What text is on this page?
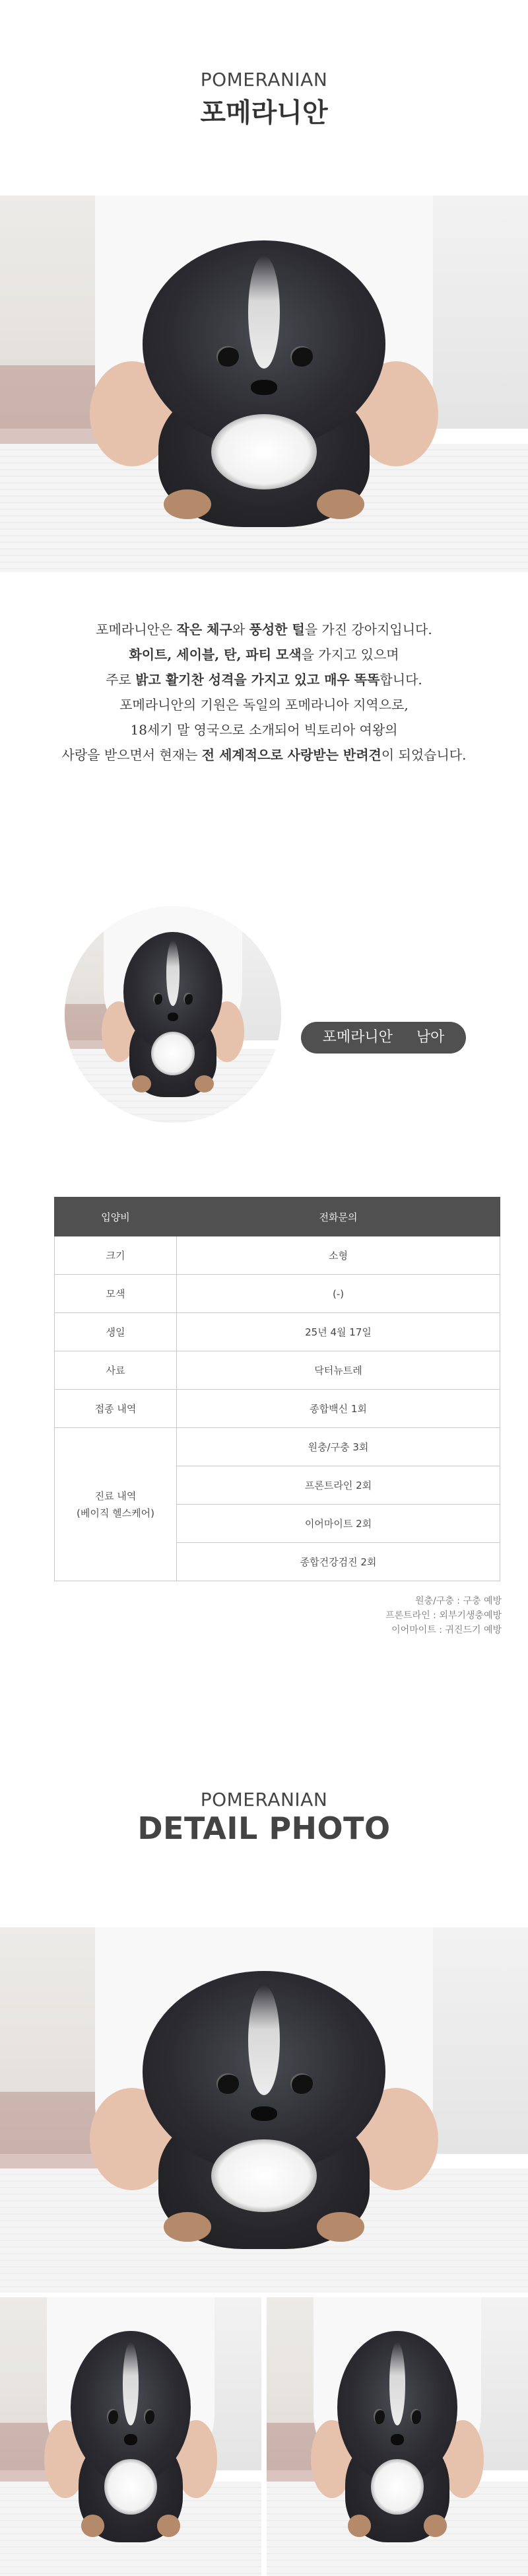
POMERANIAN
포메라니안
포메라니안은 작은 체구와 풍성한 털을 가진 강아지입니다.
화이트, 세이블, 탄, 파티 모색을 가지고 있으며
주로 밝고 활기찬 성격을 가지고 있고 매우 똑똑합니다.
포메라니안의 기원은 독일의 포메라니아 지역으로,
18세기 말 영국으로 소개되어 빅토리아 여왕의
사랑을 받으면서 현재는 전 세계적으로 사랑받는 반려견이 되었습니다.
포메라니안 남아
입양비	전화문의
크기	소형
모색	(-)
생일	25년 4월 17일
사료	닥터뉴트레
접종 내역	종합백신 1회

진료 내역
(베이직 헬스케어)	원충/구충 3회
	프론트라인 2회
	이어마이트 2회
	종합건강검진 2회
원충/구충 : 구충 예방
프론트라인 : 외부기생충예방
이어마이트 : 귀진드기 예방
POMERANIAN
DETAIL PHOTO
